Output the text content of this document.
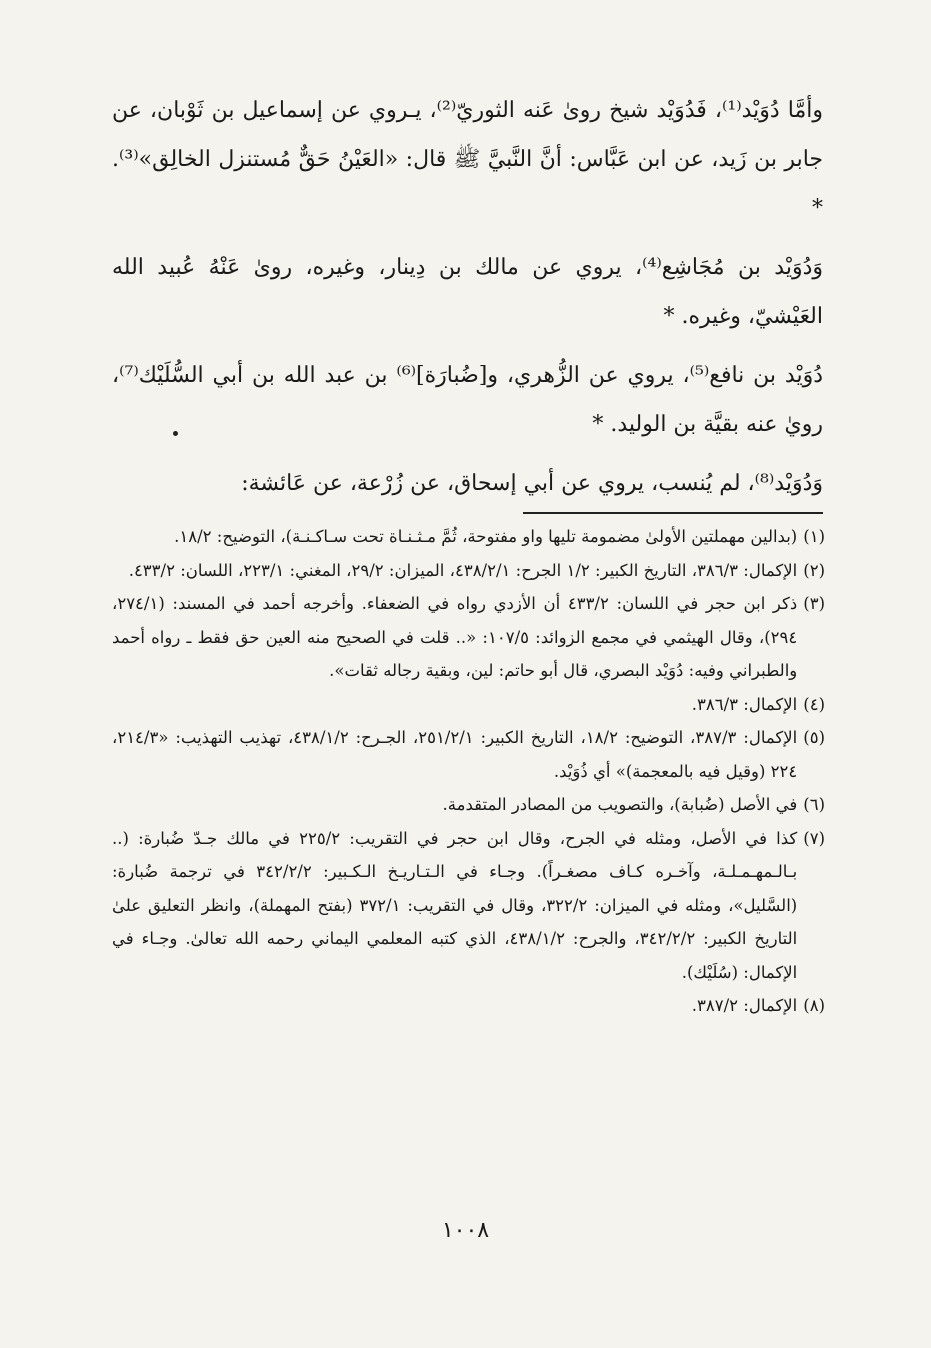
وأمَّا دُوَيْد⁽¹⁾، فَدُوَيْد شيخ روىٰ عَنه الثوريّ⁽²⁾، يـروي عن إسماعيل بن ثَوْبان، عن جابر بن زَيد، عن ابن عَبَّاس: أنَّ النَّبيَّ ﷺ قال: «العَيْنُ حَقٌّ مُستنزل الخالِق»⁽³⁾. *

وَدُوَيْد بن مُجَاشِع⁽⁴⁾، يروي عن مالك بن دِينار، وغيره، روىٰ عَنْهُ عُبيد الله العَيْشيّ، وغيره. *

دُوَيْد بن نافع⁽⁵⁾، يروي عن الزُّهري، و[ضُبارَة]⁽⁶⁾ بن عبد الله بن أبي السُّلَيْك⁽⁷⁾، رويٰ عنه بقيَّة بن الوليد. *

وَدُوَيْد⁽⁸⁾، لم يُنسب، يروي عن أبي إسحاق، عن زُرْعة، عن عَائشة:

(١)
(بدالين مهملتين الأولىٰ مضمومة تليها واو مفتوحة، ثُمَّ مـثـنـاة تحت سـاكـنـة)، التوضيح: ١٨/٢.
(٢)
الإكمال: ٣٨٦/٣، التاريخ الكبير: ١/٢ الجرح: ٤٣٨/٢/١، الميزان: ٢٩/٢، المغني: ٢٢٣/١، اللسان: ٤٣٣/٢.
(٣)
ذكر ابن حجر في اللسان: ٤٣٣/٢ أن الأزدي رواه في الضعفاء. وأخرجه أحمد في المسند: (٢٧٤/١، ٢٩٤)، وقال الهيثمي في مجمع الزوائد: ١٠٧/٥: «.. قلت في الصحيح منه العين حق فقط ـ رواه أحمد والطبراني وفيه: دُوَيْد البصري، قال أبو حاتم: لين، وبقية رجاله ثقات».
(٤)
الإكمال: ٣٨٦/٣.
(٥)
الإكمال: ٣٨٧/٣، التوضيح: ١٨/٢، التاريخ الكبير: ٢٥١/٢/١، الجـرح: ٤٣٨/١/٢، تهذيب التهذيب: «٢١٤/٣، ٢٢٤ (وقيل فيه بالمعجمة)» أي ذُوَيْد.
(٦)
في الأصل (ضُبابة)، والتصويب من المصادر المتقدمة.
(٧)
كذا في الأصل، ومثله في الجرح، وقال ابن حجر في التقريب: ٢٢٥/٢ في مالك جـدّ ضُبارة: (.. بـالـمهـمـلـة، وآخـره كـاف مصغـراً). وجـاء في الـتـاريـخ الـكـبير: ٣٤٢/٢/٢ في ترجمة ضُبارة: (السَّليل»، ومثله في الميزان: ٣٢٢/٢، وقال في التقريب: ٣٧٢/١ (بفتح المهملة)، وانظر التعليق علىٰ التاريخ الكبير: ٣٤٢/٢/٢، والجرح: ٤٣٨/١/٢، الذي كتبه المعلمي اليماني رحمه الله تعالىٰ. وجـاء في الإكمال: (سُلَيْك).
(٨)
الإكمال: ٣٨٧/٢.
١٠٠٨
